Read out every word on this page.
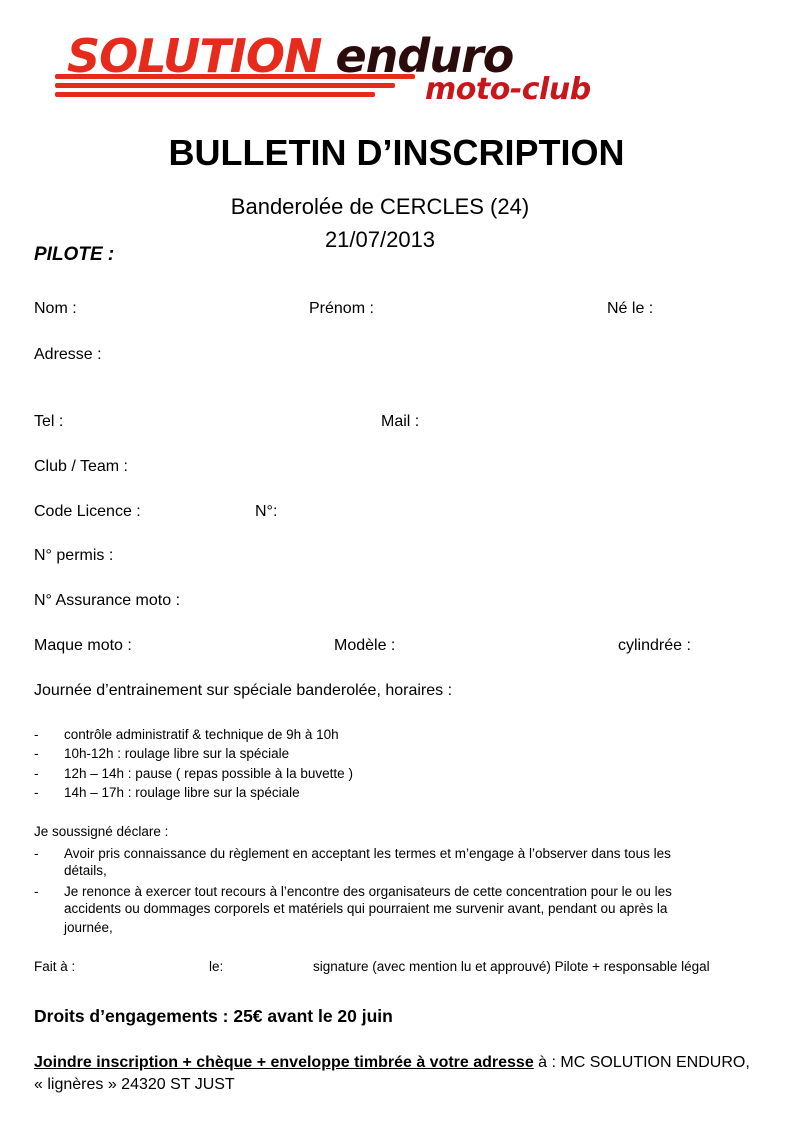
SOLUTION enduro
moto-club
BULLETIN D’INSCRIPTION
Banderolée de CERCLES (24)
21/07/2013
PILOTE :
Nom :	Prénom :	Né le :
Adresse :
Tel :	Mail :
Club / Team :
Code Licence :	N°:
N° permis :
N° Assurance moto :
Maque moto :	Modèle :	cylindrée :
Journée d’entrainement sur spéciale banderolée, horaires :
- contrôle administratif & technique de 9h à 10h
- 10h-12h : roulage libre sur la spéciale
- 12h – 14h : pause ( repas possible à la buvette )
- 14h – 17h : roulage libre sur la spéciale
Je soussigné déclare :
- Avoir pris connaissance du règlement en acceptant les termes et m’engage à l’observer dans tous les
détails,
- Je renonce à exercer tout recours à l’encontre des organisateurs de cette concentration pour le ou les
accidents ou dommages corporels et matériels qui pourraient me survenir avant, pendant ou après la
journée,
Fait à :	le:	signature (avec mention lu et approuvé) Pilote + responsable légal
Droits d’engagements : 25€ avant le 20 juin
Joindre inscription + chèque + enveloppe timbrée à votre adresse à : MC SOLUTION ENDURO,
« lignères » 24320 ST JUST
